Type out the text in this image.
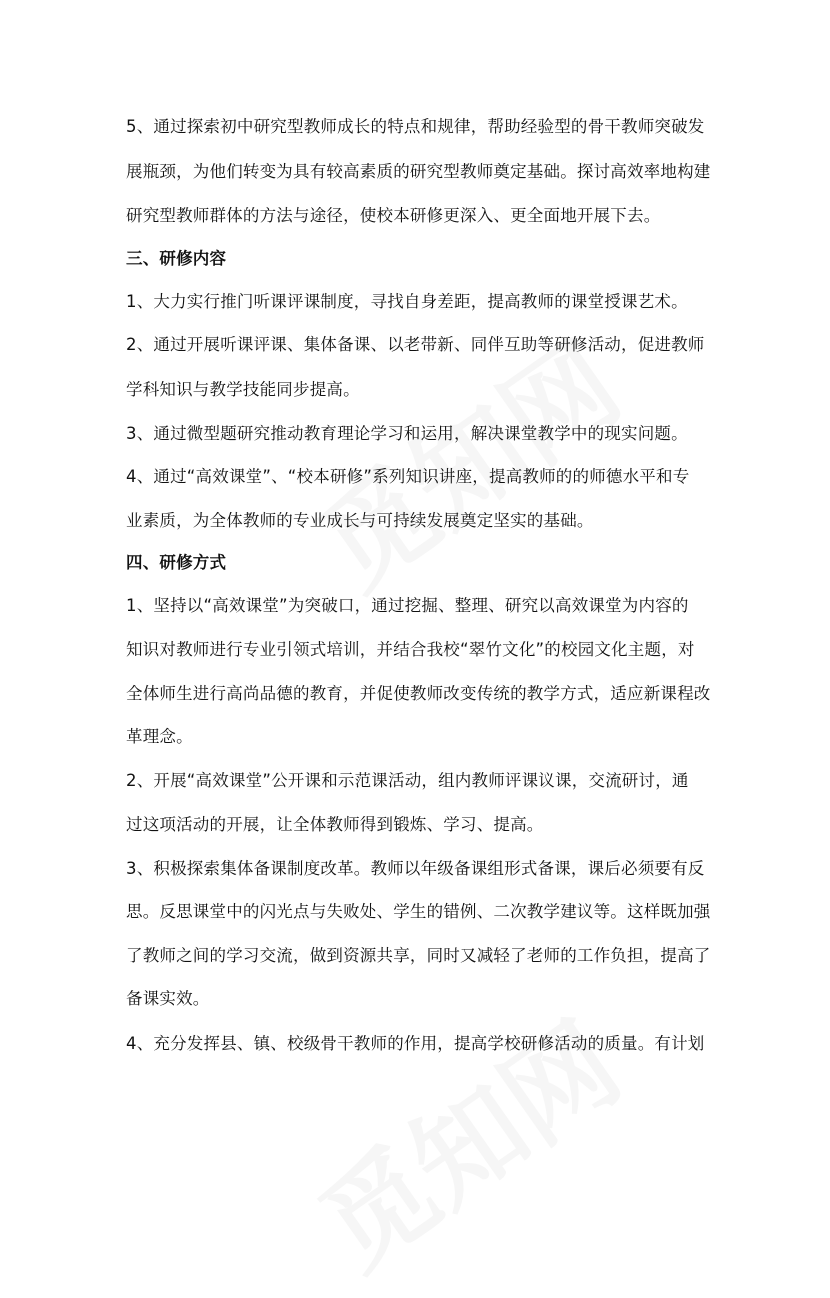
5、通过探索初中研究型教师成长的特点和规律，帮助经验型的骨干教师突破发
展瓶颈，为他们转变为具有较高素质的研究型教师奠定基础。探讨高效率地构建
研究型教师群体的方法与途径，使校本研修更深入、更全面地开展下去。
三、研修内容
1、大力实行推门听课评课制度，寻找自身差距，提高教师的课堂授课艺术。
2、通过开展听课评课、集体备课、以老带新、同伴互助等研修活动，促进教师
学科知识与教学技能同步提高。
3、通过微型题研究推动教育理论学习和运用，解决课堂教学中的现实问题。
4、通过“高效课堂”、“校本研修”系列知识讲座，提高教师的的师德水平和专
业素质，为全体教师的专业成长与可持续发展奠定坚实的基础。
四、研修方式
1、坚持以“高效课堂”为突破口，通过挖掘、整理、研究以高效课堂为内容的
知识对教师进行专业引领式培训，并结合我校“翠竹文化”的校园文化主题，对
全体师生进行高尚品德的教育，并促使教师改变传统的教学方式，适应新课程改
革理念。
2、开展“高效课堂”公开课和示范课活动，组内教师评课议课，交流研讨，通
过这项活动的开展，让全体教师得到锻炼、学习、提高。
3、积极探索集体备课制度改革。教师以年级备课组形式备课，课后必须要有反
思。反思课堂中的闪光点与失败处、学生的错例、二次教学建议等。这样既加强
了教师之间的学习交流，做到资源共享，同时又减轻了老师的工作负担，提高了
备课实效。
4、充分发挥县、镇、校级骨干教师的作用，提高学校研修活动的质量。有计划
